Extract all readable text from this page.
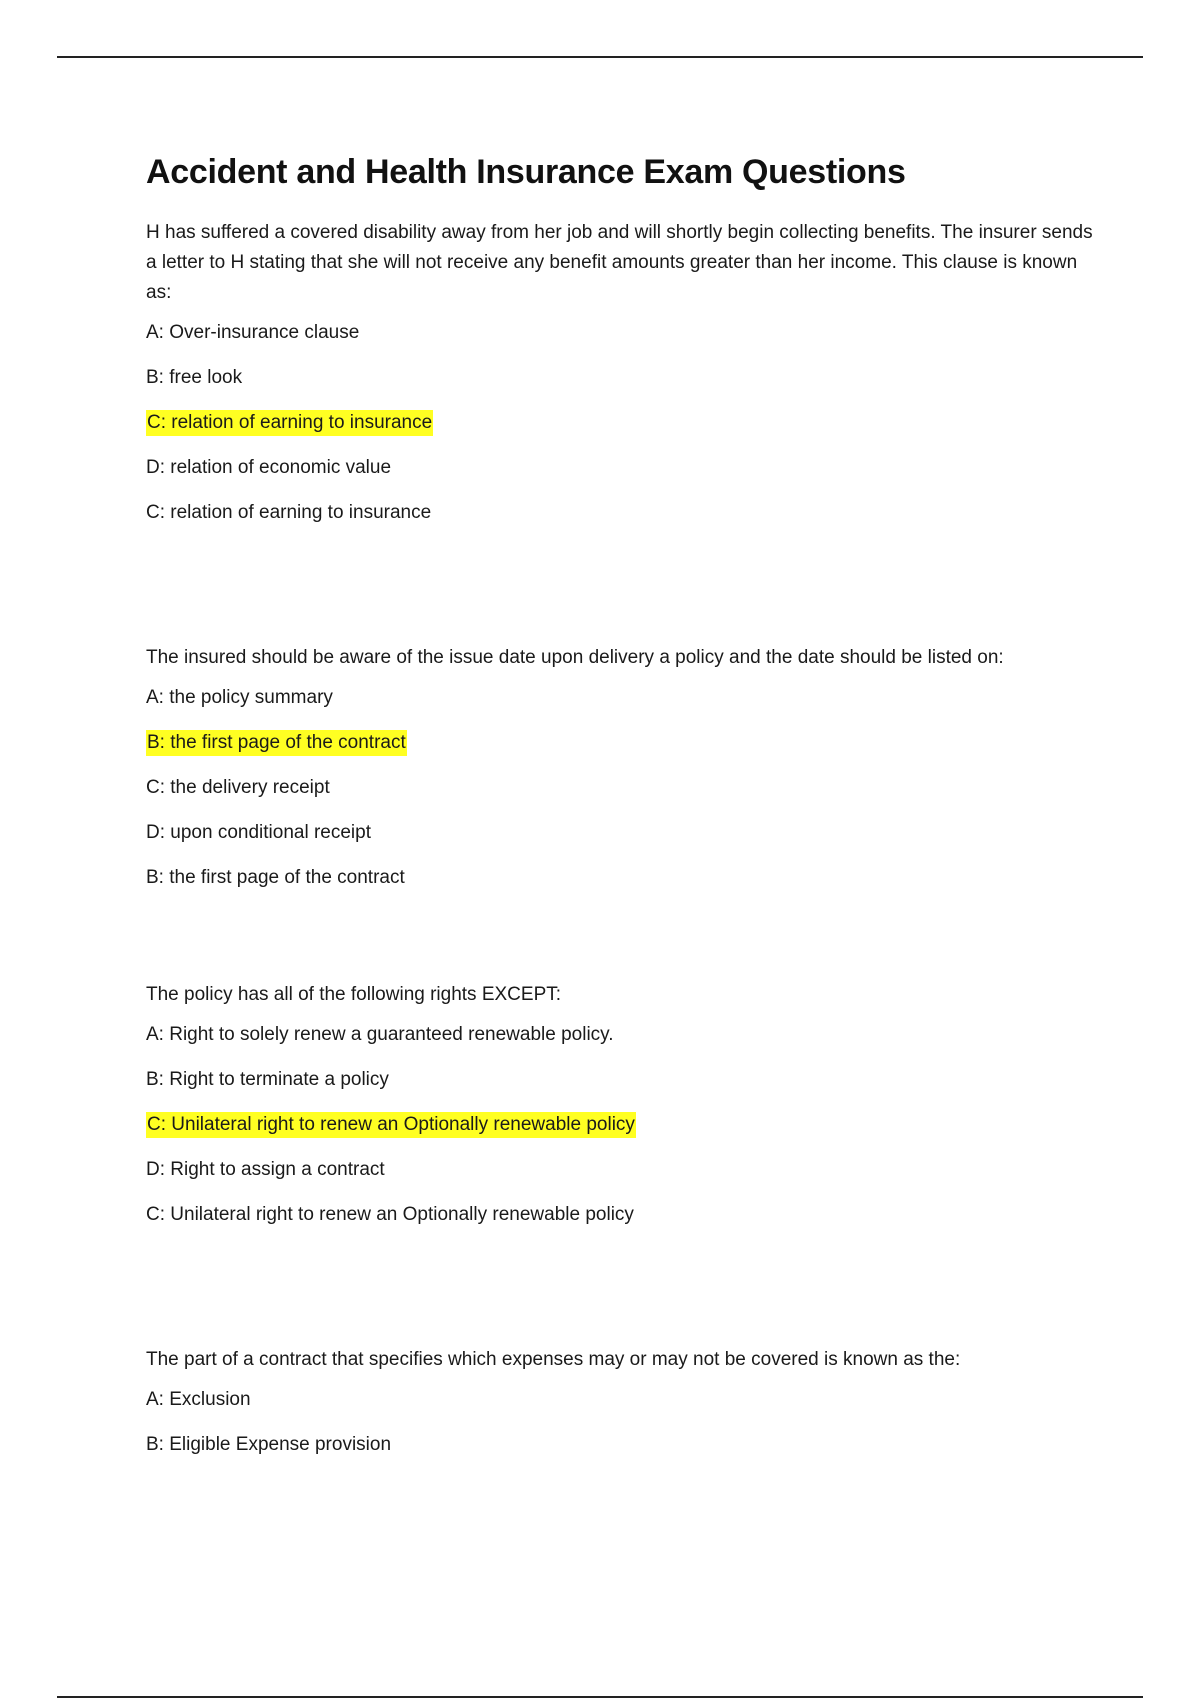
Accident and Health Insurance Exam Questions

H has suffered a covered disability away from her job and will shortly begin collecting benefits. The insurer sends a letter to H stating that she will not receive any benefit amounts greater than her income. This clause is known as:

A: Over-insurance clause

B: free look

C: relation of earning to insurance

D: relation of economic value

C: relation of earning to insurance

The insured should be aware of the issue date upon delivery a policy and the date should be listed on:

A: the policy summary

B: the first page of the contract

C: the delivery receipt

D: upon conditional receipt

B: the first page of the contract

The policy has all of the following rights EXCEPT:

A: Right to solely renew a guaranteed renewable policy.

B: Right to terminate a policy

C: Unilateral right to renew an Optionally renewable policy

D: Right to assign a contract

C: Unilateral right to renew an Optionally renewable policy

The part of a contract that specifies which expenses may or may not be covered is known as the:

A: Exclusion

B: Eligible Expense provision
